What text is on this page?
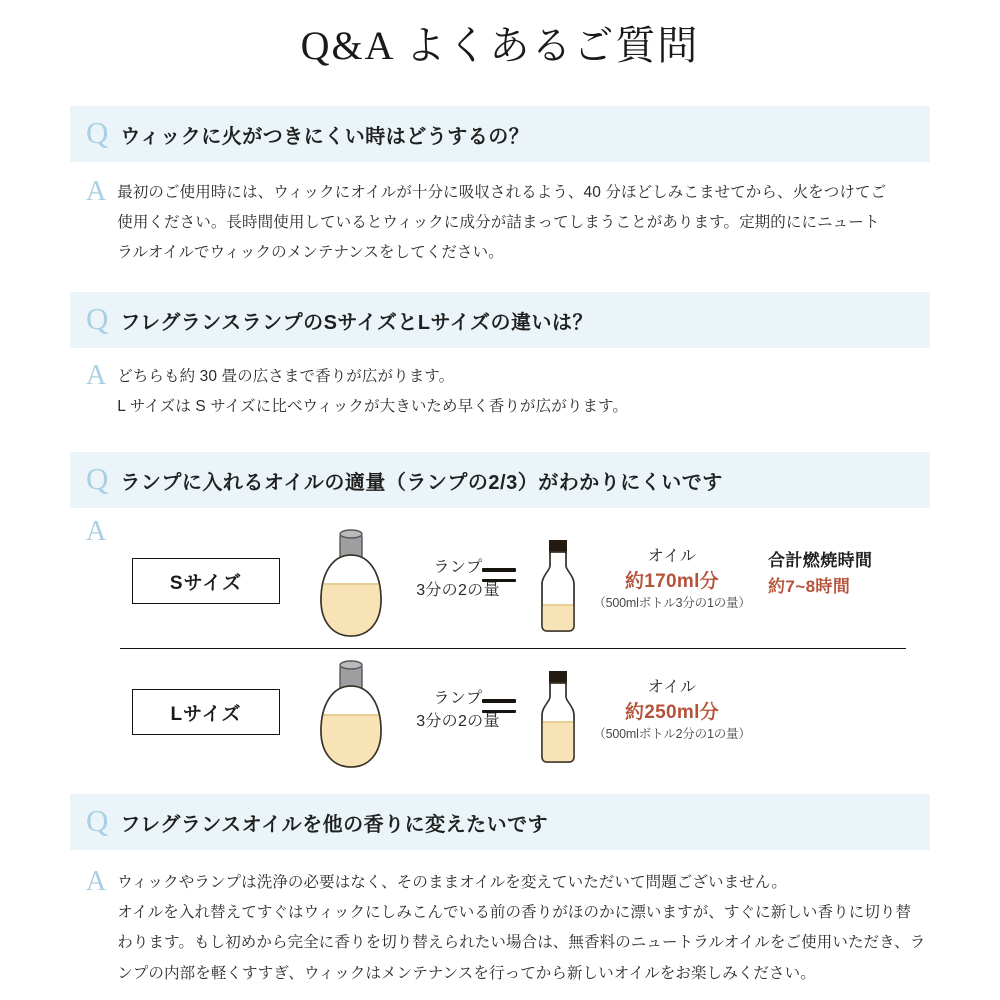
Q&A よくあるご質問
Q ウィックに火がつきにくい時はどうするの？
A 最初のご使用時には、ウィックにオイルが十分に吸収されるよう、40 分ほどしみこませてから、火をつけてご
使用ください。長時間使用しているとウィックに成分が詰まってしまうことがあります。定期的ににニュート
ラルオイルでウィックのメンテナンスをしてください。
Q フレグランスランプのSサイズとLサイズの違いは？
A どちらも約 30 畳の広さまで香りが広がります。
L サイズは S サイズに比べウィックが大きいため早く香りが広がります。
Q ランプに入れるオイルの適量（ランプの2/3）がわかりにくいです
A
Sサイズ
ランプ
3分の2の量
オイル
約170ml分
（500mlボトル3分の1の量）
合計燃焼時間
約7~8時間
Lサイズ
ランプ
3分の2の量
オイル
約250ml分
（500mlボトル2分の1の量）
Q フレグランスオイルを他の香りに変えたいです
A ウィックやランプは洗浄の必要はなく、そのままオイルを変えていただいて問題ございません。
オイルを入れ替えてすぐはウィックにしみこんでいる前の香りがほのかに漂いますが、すぐに新しい香りに切り替
わります。もし初めから完全に香りを切り替えられたい場合は、無香料のニュートラルオイルをご使用いただき、ラ
ンプの内部を軽くすすぎ、ウィックはメンテナンスを行ってから新しいオイルをお楽しみください。
